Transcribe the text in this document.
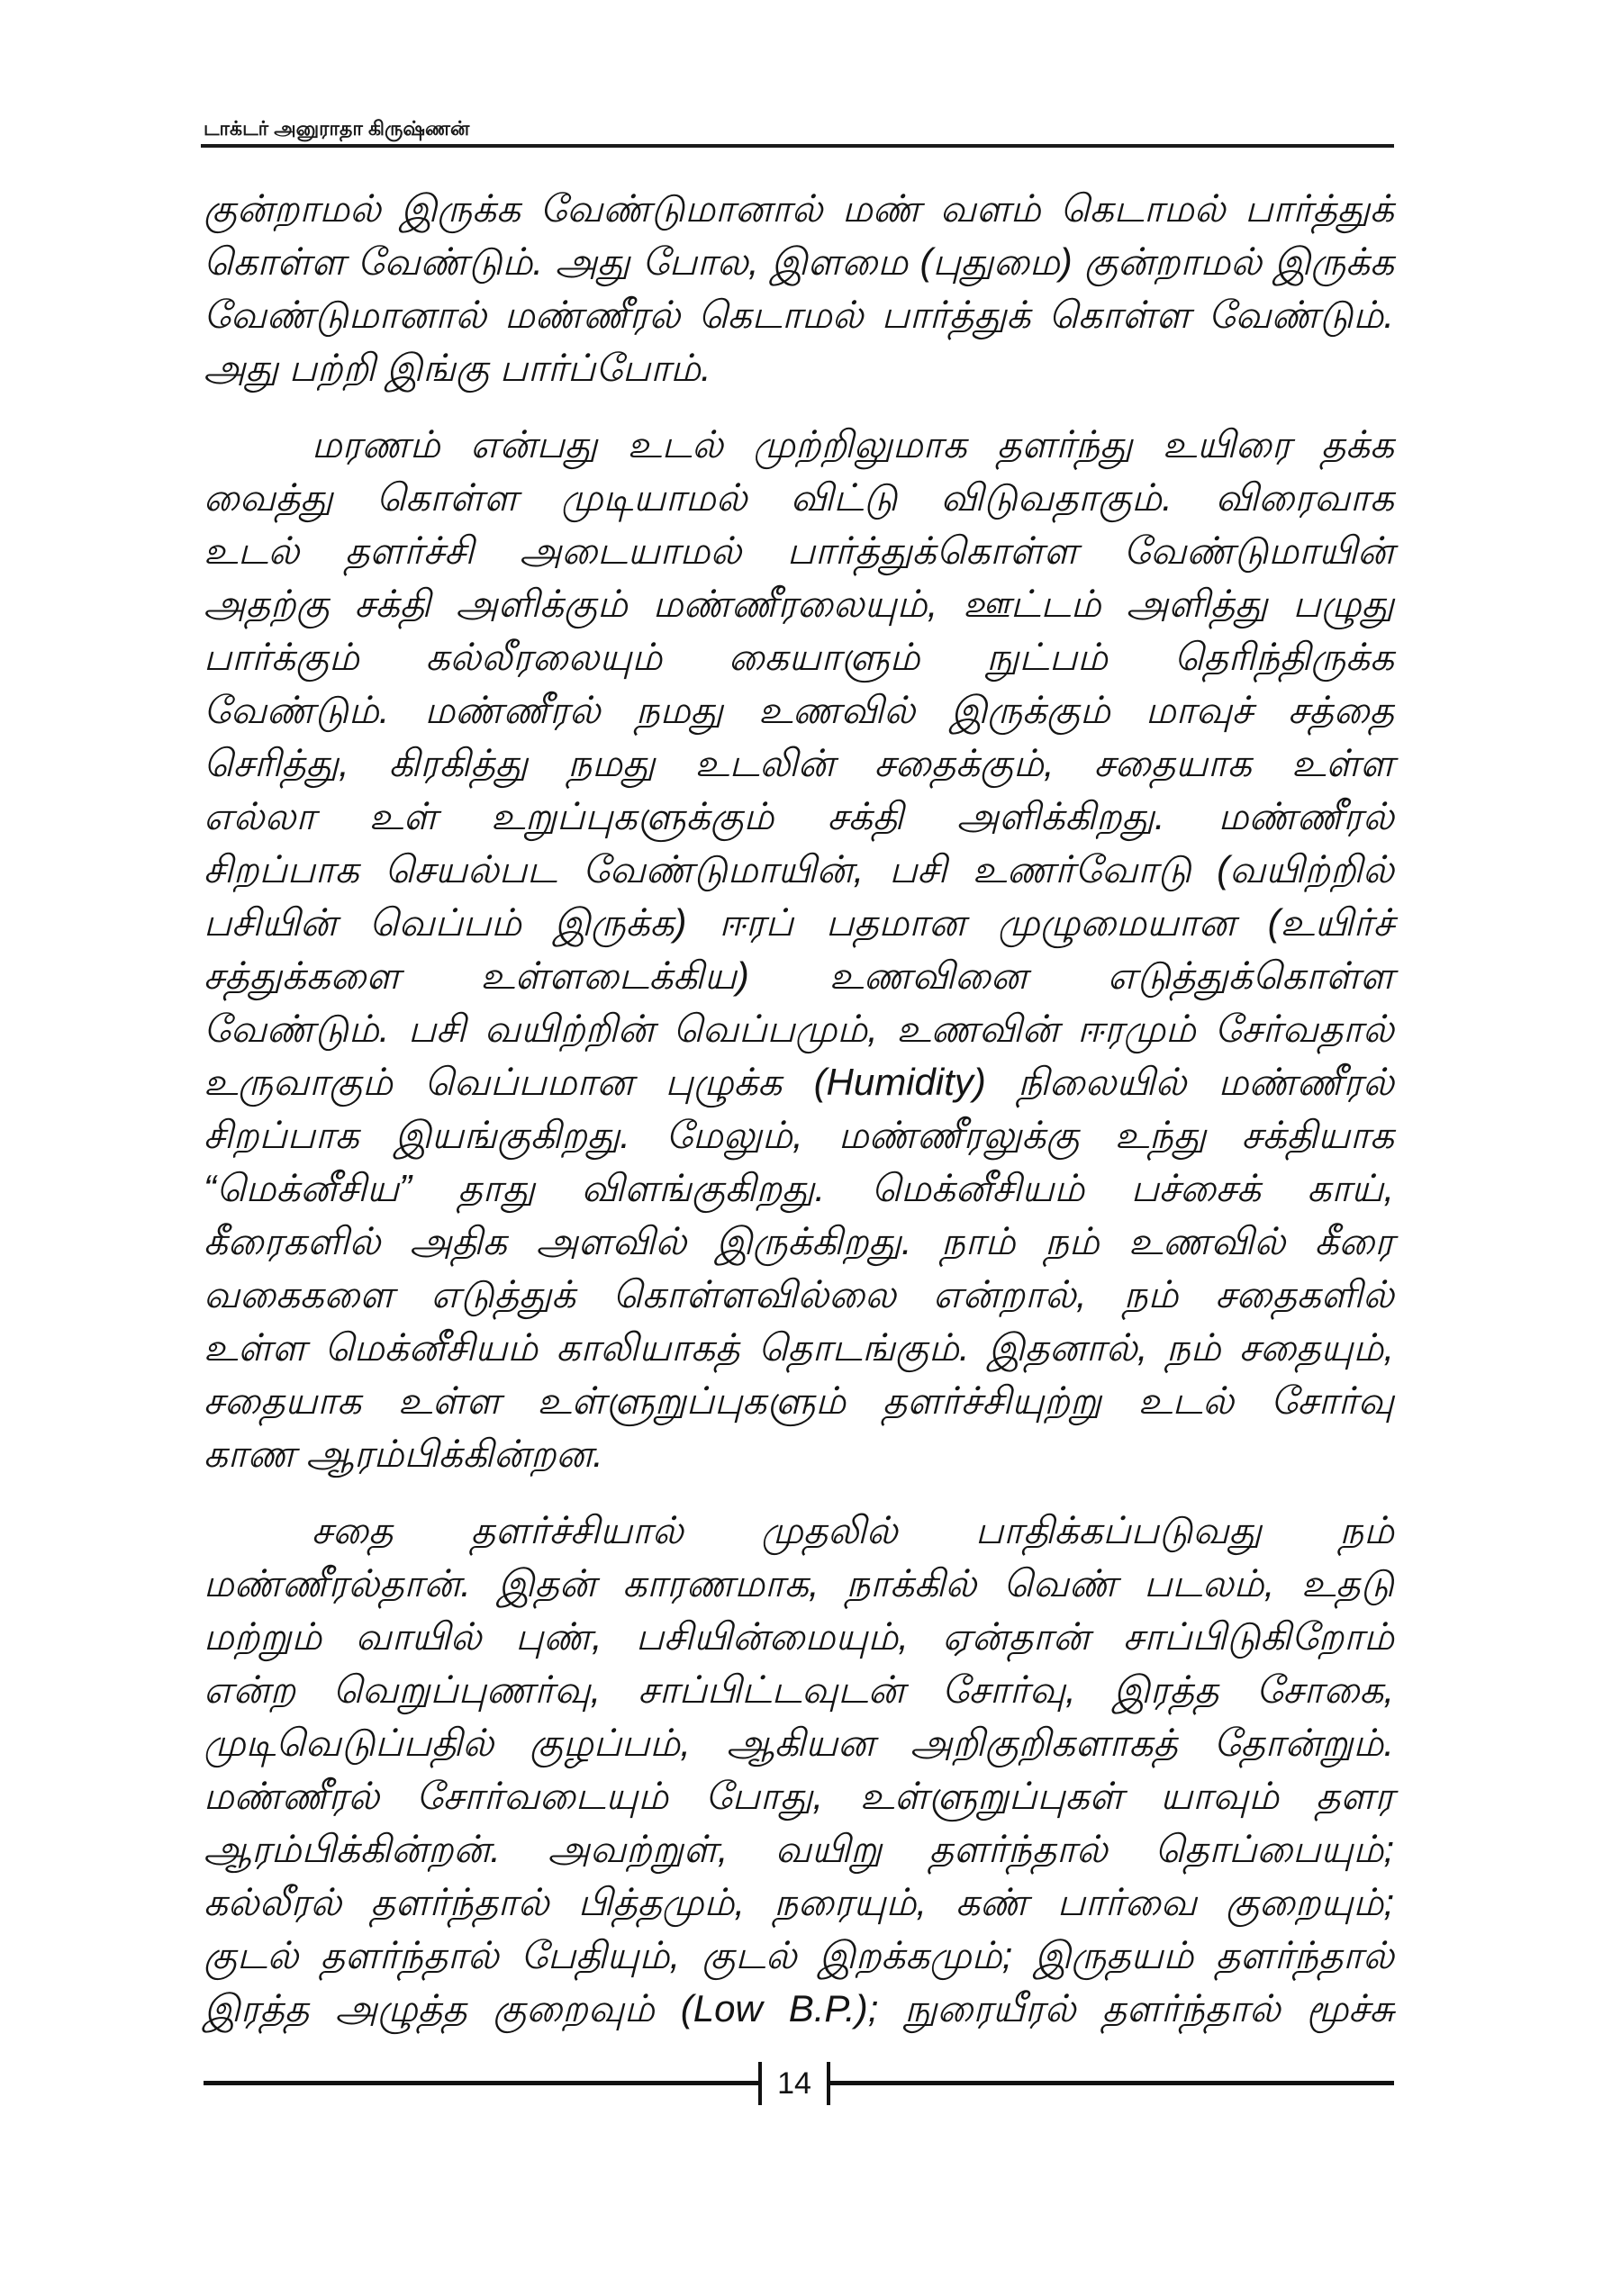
டாக்டர் அனுராதா கிருஷ்ணன்
குன்றாமல் இருக்க வேண்டுமானால் மண் வளம் கெடாமல் பார்த்துக்
கொள்ள வேண்டும். அது போல, இளமை (புதுமை) குன்றாமல் இருக்க
வேண்டுமானால் மண்ணீரல் கெடாமல் பார்த்துக் கொள்ள வேண்டும்.
அது பற்றி இங்கு பார்ப்போம்.
மரணம் என்பது உடல் முற்றிலுமாக தளர்ந்து உயிரை தக்க
வைத்து கொள்ள முடியாமல் விட்டு விடுவதாகும். விரைவாக
உடல் தளர்ச்சி அடையாமல் பார்த்துக்கொள்ள வேண்டுமாயின்
அதற்கு சக்தி அளிக்கும் மண்ணீரலையும், ஊட்டம் அளித்து பழுது
பார்க்கும் கல்லீரலையும் கையாளும் நுட்பம் தெரிந்திருக்க
வேண்டும். மண்ணீரல் நமது உணவில் இருக்கும் மாவுச் சத்தை
செரித்து, கிரகித்து நமது உடலின் சதைக்கும், சதையாக உள்ள
எல்லா உள் உறுப்புகளுக்கும் சக்தி அளிக்கிறது. மண்ணீரல்
சிறப்பாக செயல்பட வேண்டுமாயின், பசி உணர்வோடு (வயிற்றில்
பசியின் வெப்பம் இருக்க) ஈரப் பதமான முழுமையான (உயிர்ச்
சத்துக்களை உள்ளடைக்கிய) உணவினை எடுத்துக்கொள்ள
வேண்டும். பசி வயிற்றின் வெப்பமும், உணவின் ஈரமும் சேர்வதால்
உருவாகும் வெப்பமான புழுக்க (Humidity) நிலையில் மண்ணீரல்
சிறப்பாக இயங்குகிறது. மேலும், மண்ணீரலுக்கு உந்து சக்தியாக
“மெக்னீசிய” தாது விளங்குகிறது. மெக்னீசியம் பச்சைக் காய்,
கீரைகளில் அதிக அளவில் இருக்கிறது. நாம் நம் உணவில் கீரை
வகைகளை எடுத்துக் கொள்ளவில்லை என்றால், நம் சதைகளில்
உள்ள மெக்னீசியம் காலியாகத் தொடங்கும். இதனால், நம் சதையும்,
சதையாக உள்ள உள்ளுறுப்புகளும் தளர்ச்சியுற்று உடல் சோர்வு
காண ஆரம்பிக்கின்றன.
சதை தளர்ச்சியால் முதலில் பாதிக்கப்படுவது நம்
மண்ணீரல்தான். இதன் காரணமாக, நாக்கில் வெண் படலம், உதடு
மற்றும் வாயில் புண், பசியின்மையும், ஏன்தான் சாப்பிடுகிறோம்
என்ற வெறுப்புணர்வு, சாப்பிட்டவுடன் சோர்வு, இரத்த சோகை,
முடிவெடுப்பதில் குழப்பம், ஆகியன அறிகுறிகளாகத் தோன்றும்.
மண்ணீரல் சோர்வடையும் போது, உள்ளுறுப்புகள் யாவும் தளர
ஆரம்பிக்கின்றன். அவற்றுள், வயிறு தளர்ந்தால் தொப்பையும்;
கல்லீரல் தளர்ந்தால் பித்தமும், நரையும், கண் பார்வை குறையும்;
குடல் தளர்ந்தால் பேதியும், குடல் இறக்கமும்; இருதயம் தளர்ந்தால்
இரத்த அழுத்த குறைவும் (Low B.P.); நுரையீரல் தளர்ந்தால் மூச்சு
14
